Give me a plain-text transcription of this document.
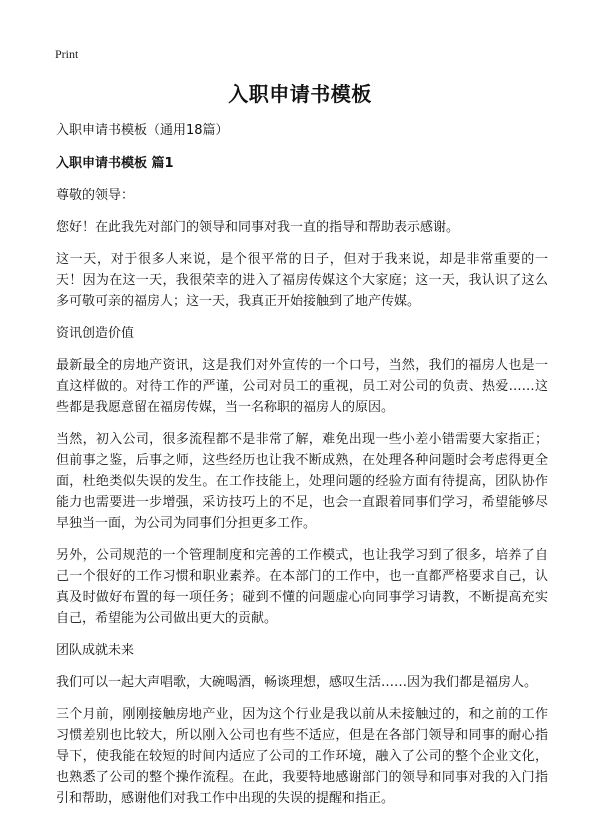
Print
入职申请书模板

入职申请书模板（通用18篇）

入职申请书模板 篇1

尊敬的领导：

您好！在此我先对部门的领导和同事对我一直的指导和帮助表示感谢。

这一天，对于很多人来说，是个很平常的日子，但对于我来说，却是非常重要的一天！因为在这一天，我很荣幸的进入了福房传媒这个大家庭；这一天，我认识了这么多可敬可亲的福房人；这一天，我真正开始接触到了地产传媒。

资讯创造价值

最新最全的房地产资讯，这是我们对外宣传的一个口号，当然，我们的福房人也是一直这样做的。对待工作的严谨，公司对员工的重视，员工对公司的负责、热爱……这些都是我愿意留在福房传媒，当一名称职的福房人的原因。

当然，初入公司，很多流程都不是非常了解，难免出现一些小差小错需要大家指正；但前事之鉴，后事之师，这些经历也让我不断成熟，在处理各种问题时会考虑得更全面，杜绝类似失误的发生。在工作技能上，处理问题的经验方面有待提高，团队协作能力也需要进一步增强，采访技巧上的不足，也会一直跟着同事们学习，希望能够尽早独当一面，为公司为同事们分担更多工作。

另外，公司规范的一个管理制度和完善的工作模式，也让我学习到了很多，培养了自己一个很好的工作习惯和职业素养。在本部门的工作中，也一直都严格要求自己，认真及时做好布置的每一项任务；碰到不懂的问题虚心向同事学习请教，不断提高充实自己，希望能为公司做出更大的贡献。

团队成就未来

我们可以一起大声唱歌，大碗喝酒，畅谈理想，感叹生活……因为我们都是福房人。

三个月前，刚刚接触房地产业，因为这个行业是我以前从未接触过的，和之前的工作习惯差别也比较大，所以刚入公司也有些不适应，但是在各部门领导和同事的耐心指导下，使我能在较短的时间内适应了公司的工作环境，融入了公司的整个企业文化，也熟悉了公司的整个操作流程。在此，我要特地感谢部门的领导和同事对我的入门指引和帮助，感谢他们对我工作中出现的失误的提醒和指正。
